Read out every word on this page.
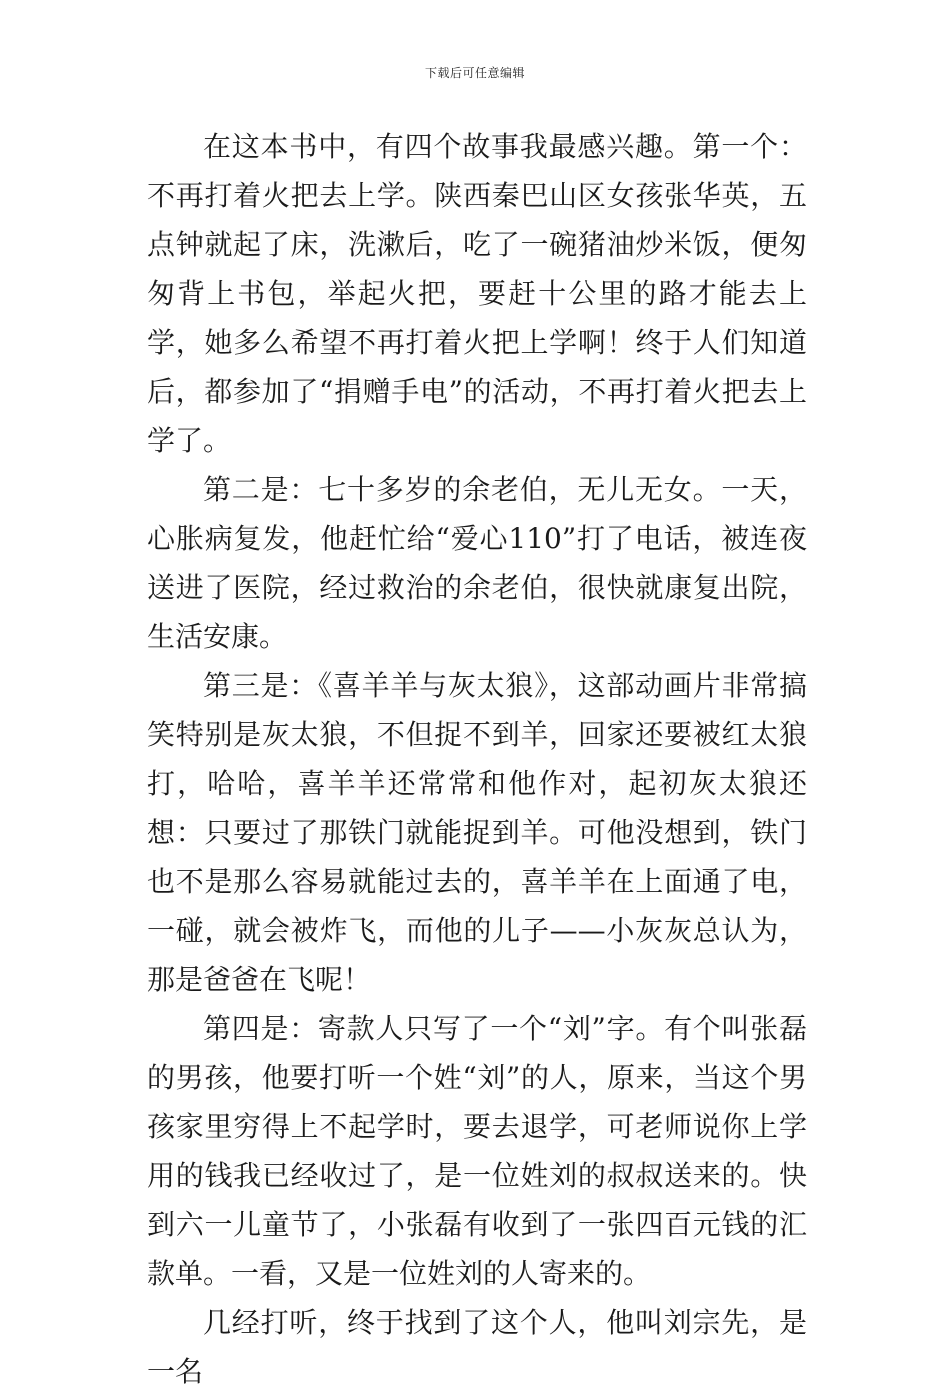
下载后可任意编辑

在这本书中，有四个故事我最感兴趣。第一个：不再打着火把去上学。陕西秦巴山区女孩张华英，五点钟就起了床，洗漱后，吃了一碗猪油炒米饭，便匆匆背上书包，举起火把，要赶十公里的路才能去上学，她多么希望不再打着火把上学啊！终于人们知道后，都参加了“捐赠手电”的活动，不再打着火把去上学了。

第二是：七十多岁的余老伯，无儿无女。一天，心胀病复发，他赶忙给“爱心110”打了电话，被连夜送进了医院，经过救治的余老伯，很快就康复出院，生活安康。

第三是：《喜羊羊与灰太狼》，这部动画片非常搞笑特别是灰太狼，不但捉不到羊，回家还要被红太狼打，哈哈，喜羊羊还常常和他作对，起初灰太狼还想：只要过了那铁门就能捉到羊。可他没想到，铁门也不是那么容易就能过去的，喜羊羊在上面通了电，一碰，就会被炸飞，而他的儿子——小灰灰总认为，那是爸爸在飞呢！

第四是：寄款人只写了一个“刘”字。有个叫张磊的男孩，他要打听一个姓“刘”的人，原来，当这个男孩家里穷得上不起学时，要去退学，可老师说你上学用的钱我已经收过了，是一位姓刘的叔叔送来的。快到六一儿童节了，小张磊有收到了一张四百元钱的汇款单。一看，又是一位姓刘的人寄来的。

几经打听，终于找到了这个人，他叫刘宗先，是一名
